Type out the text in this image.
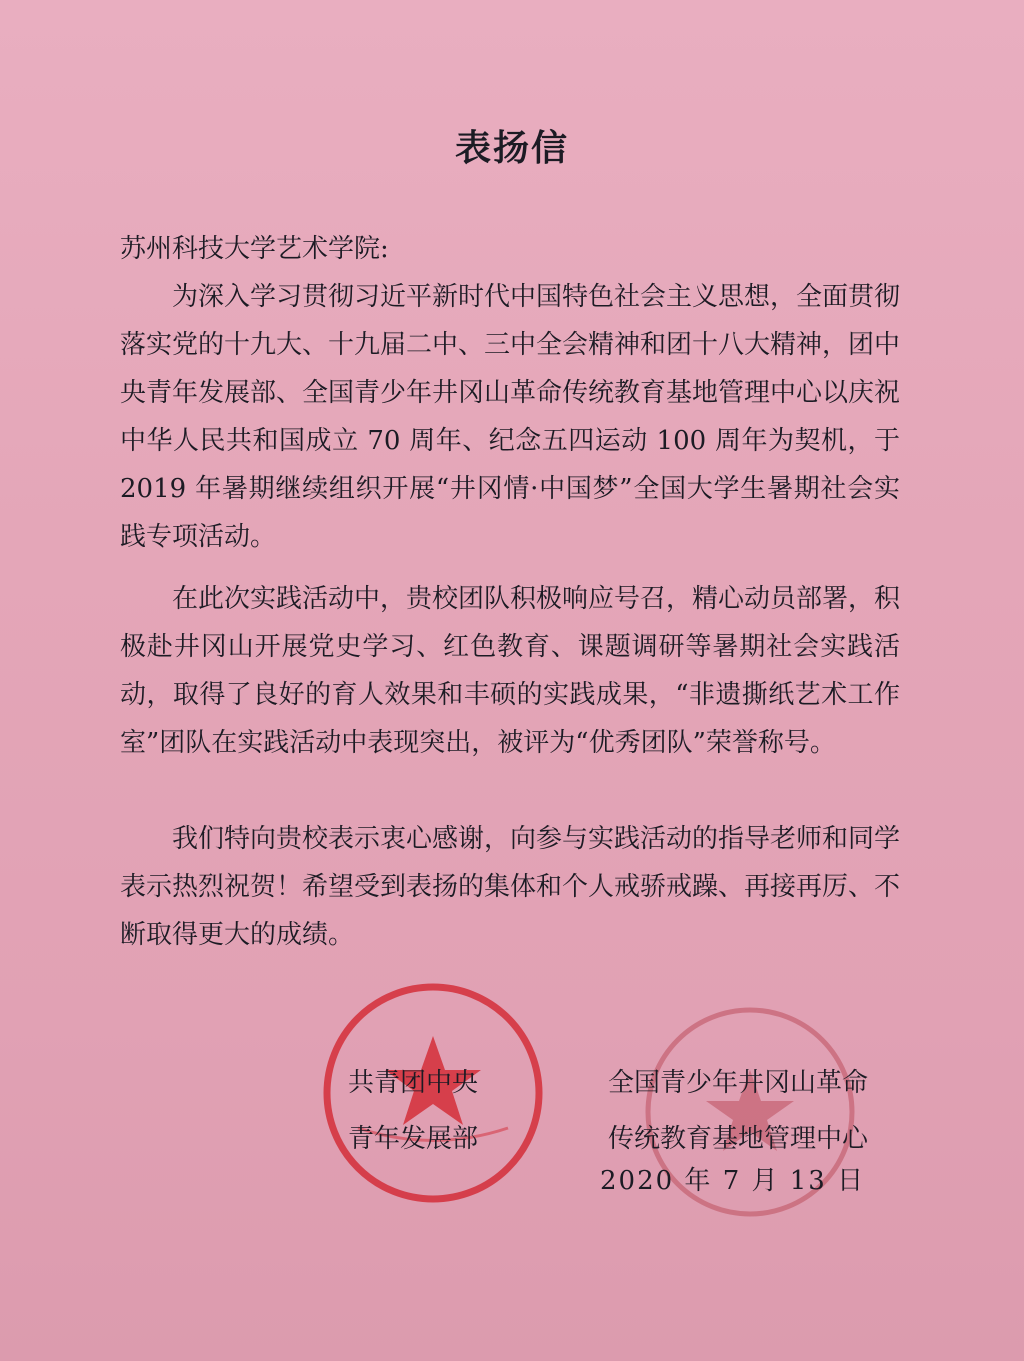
表扬信
苏州科技大学艺术学院:

为深入学习贯彻习近平新时代中国特色社会主义思想，全面贯彻落实党的十九大、十九届二中、三中全会精神和团十八大精神，团中央青年发展部、全国青少年井冈山革命传统教育基地管理中心以庆祝中华人民共和国成立 70 周年、纪念五四运动 100 周年为契机，于 2019 年暑期继续组织开展“井冈情·中国梦”全国大学生暑期社会实践专项活动。

在此次实践活动中，贵校团队积极响应号召，精心动员部署，积极赴井冈山开展党史学习、红色教育、课题调研等暑期社会实践活动，取得了良好的育人效果和丰硕的实践成果，“非遗撕纸艺术工作室”团队在实践活动中表现突出，被评为“优秀团队”荣誉称号。

我们特向贵校表示衷心感谢，向参与实践活动的指导老师和同学表示热烈祝贺！希望受到表扬的集体和个人戒骄戒躁、再接再厉、不断取得更大的成绩。

共青团中央
青年发展部
全国青少年井冈山革命
传统教育基地管理中心
2020 年 7 月 13 日
